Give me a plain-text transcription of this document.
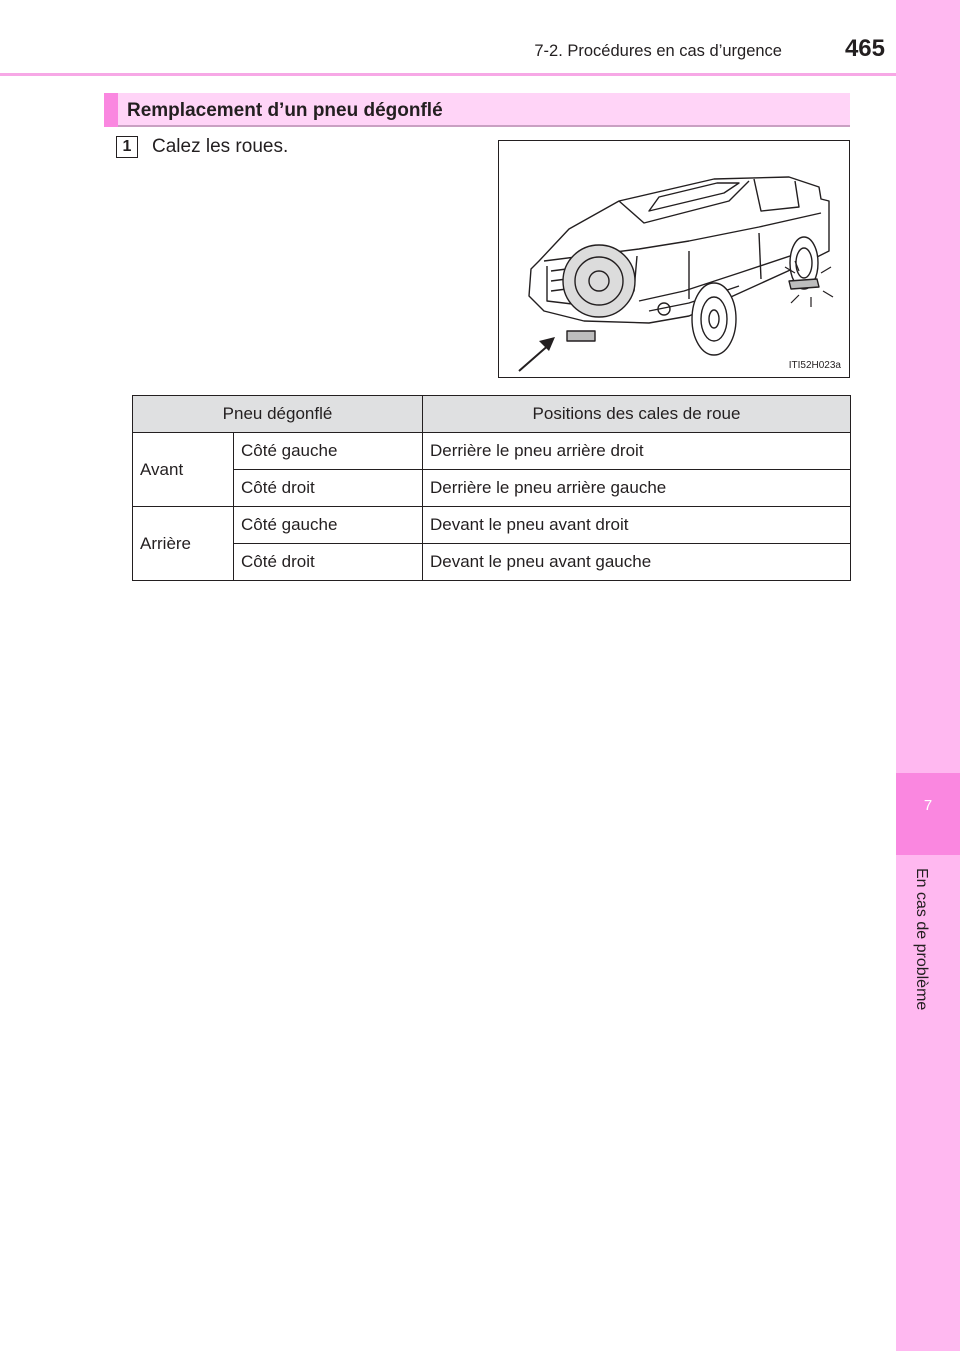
7-2. Procédures en cas d’urgence	465
7
En cas de problème
Remplacement d’un pneu dégonflé
1	Calez les roues.
ITI52H023a
Pneu dégonflé		Positions des cales de roue
Avant	Côté gauche	Derrière le pneu arrière droit
	Côté droit	Derrière le pneu arrière gauche
Arrière	Côté gauche	Devant le pneu avant droit
	Côté droit	Devant le pneu avant gauche
